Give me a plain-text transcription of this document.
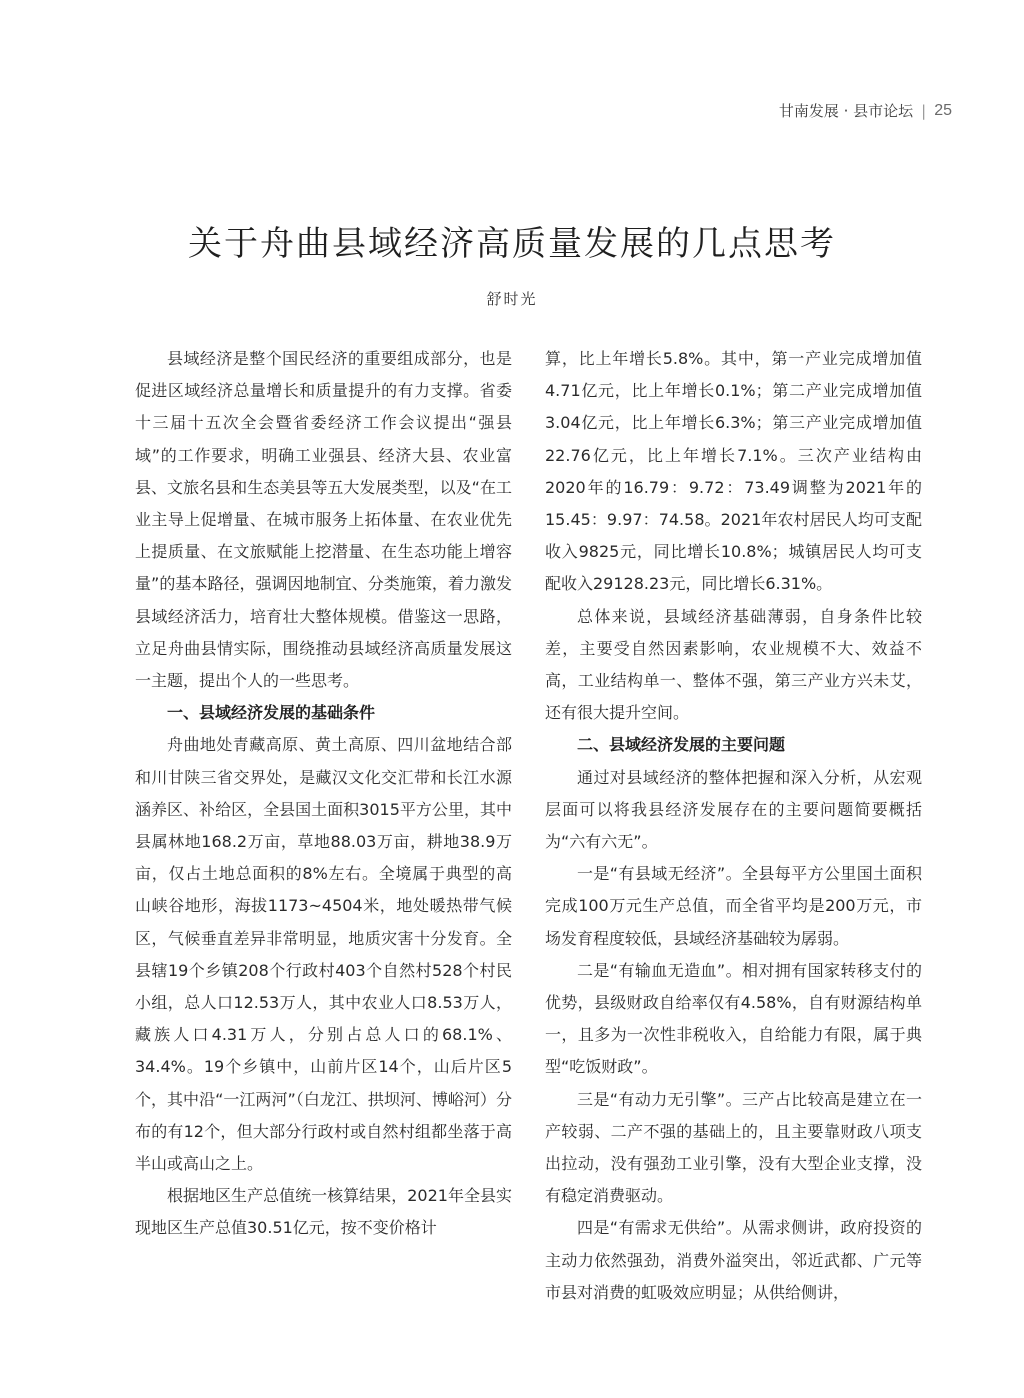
甘南发展 · 县市论坛 | 25
关于舟曲县域经济高质量发展的几点思考
舒时光

县域经济是整个国民经济的重要组成部分，也是促进区域经济总量增长和质量提升的有力支撑。省委十三届十五次全会暨省委经济工作会议提出“强县域”的工作要求，明确工业强县、经济大县、农业富县、文旅名县和生态美县等五大发展类型，以及“在工业主导上促增量、在城市服务上拓体量、在农业优先上提质量、在文旅赋能上挖潜量、在生态功能上增容量”的基本路径，强调因地制宜、分类施策，着力激发县域经济活力，培育壮大整体规模。借鉴这一思路，立足舟曲县情实际，围绕推动县域经济高质量发展这一主题，提出个人的一些思考。

一、县域经济发展的基础条件

舟曲地处青藏高原、黄土高原、四川盆地结合部和川甘陕三省交界处，是藏汉文化交汇带和长江水源涵养区、补给区，全县国土面积3015平方公里，其中县属林地168.2万亩，草地88.03万亩，耕地38.9万亩，仅占土地总面积的8%左右。全境属于典型的高山峡谷地形，海拔1173~4504米，地处暖热带气候区，气候垂直差异非常明显，地质灾害十分发育。全县辖19个乡镇208个行政村403个自然村528个村民小组，总人口12.53万人，其中农业人口8.53万人，藏族人口4.31万人，分别占总人口的68.1%、34.4%。19个乡镇中，山前片区14个，山后片区5个，其中沿“一江两河”（白龙江、拱坝河、博峪河）分布的有12个，但大部分行政村或自然村组都坐落于高半山或高山之上。

根据地区生产总值统一核算结果，2021年全县实现地区生产总值30.51亿元，按不变价格计

算，比上年增长5.8%。其中，第一产业完成增加值4.71亿元，比上年增长0.1%；第二产业完成增加值3.04亿元，比上年增长6.3%；第三产业完成增加值22.76亿元，比上年增长7.1%。三次产业结构由2020年的16.79：9.72：73.49调整为2021年的15.45：9.97：74.58。2021年农村居民人均可支配收入9825元，同比增长10.8%；城镇居民人均可支配收入29128.23元，同比增长6.31%。

总体来说，县域经济基础薄弱，自身条件比较差，主要受自然因素影响，农业规模不大、效益不高，工业结构单一、整体不强，第三产业方兴未艾，还有很大提升空间。

二、县域经济发展的主要问题

通过对县域经济的整体把握和深入分析，从宏观层面可以将我县经济发展存在的主要问题简要概括为“六有六无”。

一是“有县域无经济”。全县每平方公里国土面积完成100万元生产总值，而全省平均是200万元，市场发育程度较低，县域经济基础较为孱弱。

二是“有输血无造血”。相对拥有国家转移支付的优势，县级财政自给率仅有4.58%，自有财源结构单一，且多为一次性非税收入，自给能力有限，属于典型“吃饭财政”。

三是“有动力无引擎”。三产占比较高是建立在一产较弱、二产不强的基础上的，且主要靠财政八项支出拉动，没有强劲工业引擎，没有大型企业支撑，没有稳定消费驱动。

四是“有需求无供给”。从需求侧讲，政府投资的主动力依然强劲，消费外溢突出，邻近武都、广元等市县对消费的虹吸效应明显；从供给侧讲，
